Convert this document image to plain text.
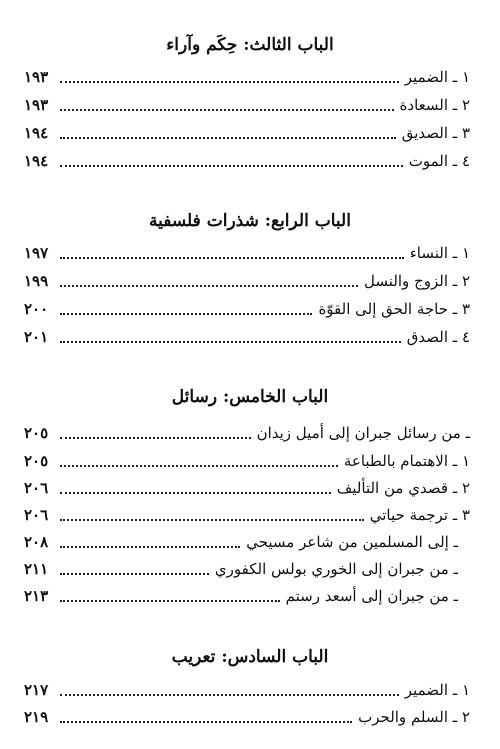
الباب الثالث: حِكَم وآراء
١ ـ الضمير
١٩٣
٢ ـ السعادة
١٩٣
٣ ـ الصديق
١٩٤
٤ ـ الموت
١٩٤
الباب الرابع: شذرات فلسفية
١ ـ النساء
١٩٧
٢ ـ الزوج والنسل
١٩٩
٣ ـ حاجة الحق إلى القوّة
٢٠٠
٤ ـ الصدق
٢٠١
الباب الخامس: رسائل
ـ من رسائل جبران إلى أميل زيدان
٢٠٥
١ ـ الاهتمام بالطباعة
٢٠٥
٢ ـ قصدي من التأليف
٢٠٦
٣ ـ ترجمة حياتي
٢٠٦
ـ إلى المسلمين من شاعر مسيحي
٢٠٨
ـ من جبران إلى الخوري بولس الكفوري
٢١١
ـ من جبران إلى أسعد رستم
٢١٣
الباب السادس: تعريب
١ ـ الضمير
٢١٧
٢ ـ السلم والحرب
٢١٩
